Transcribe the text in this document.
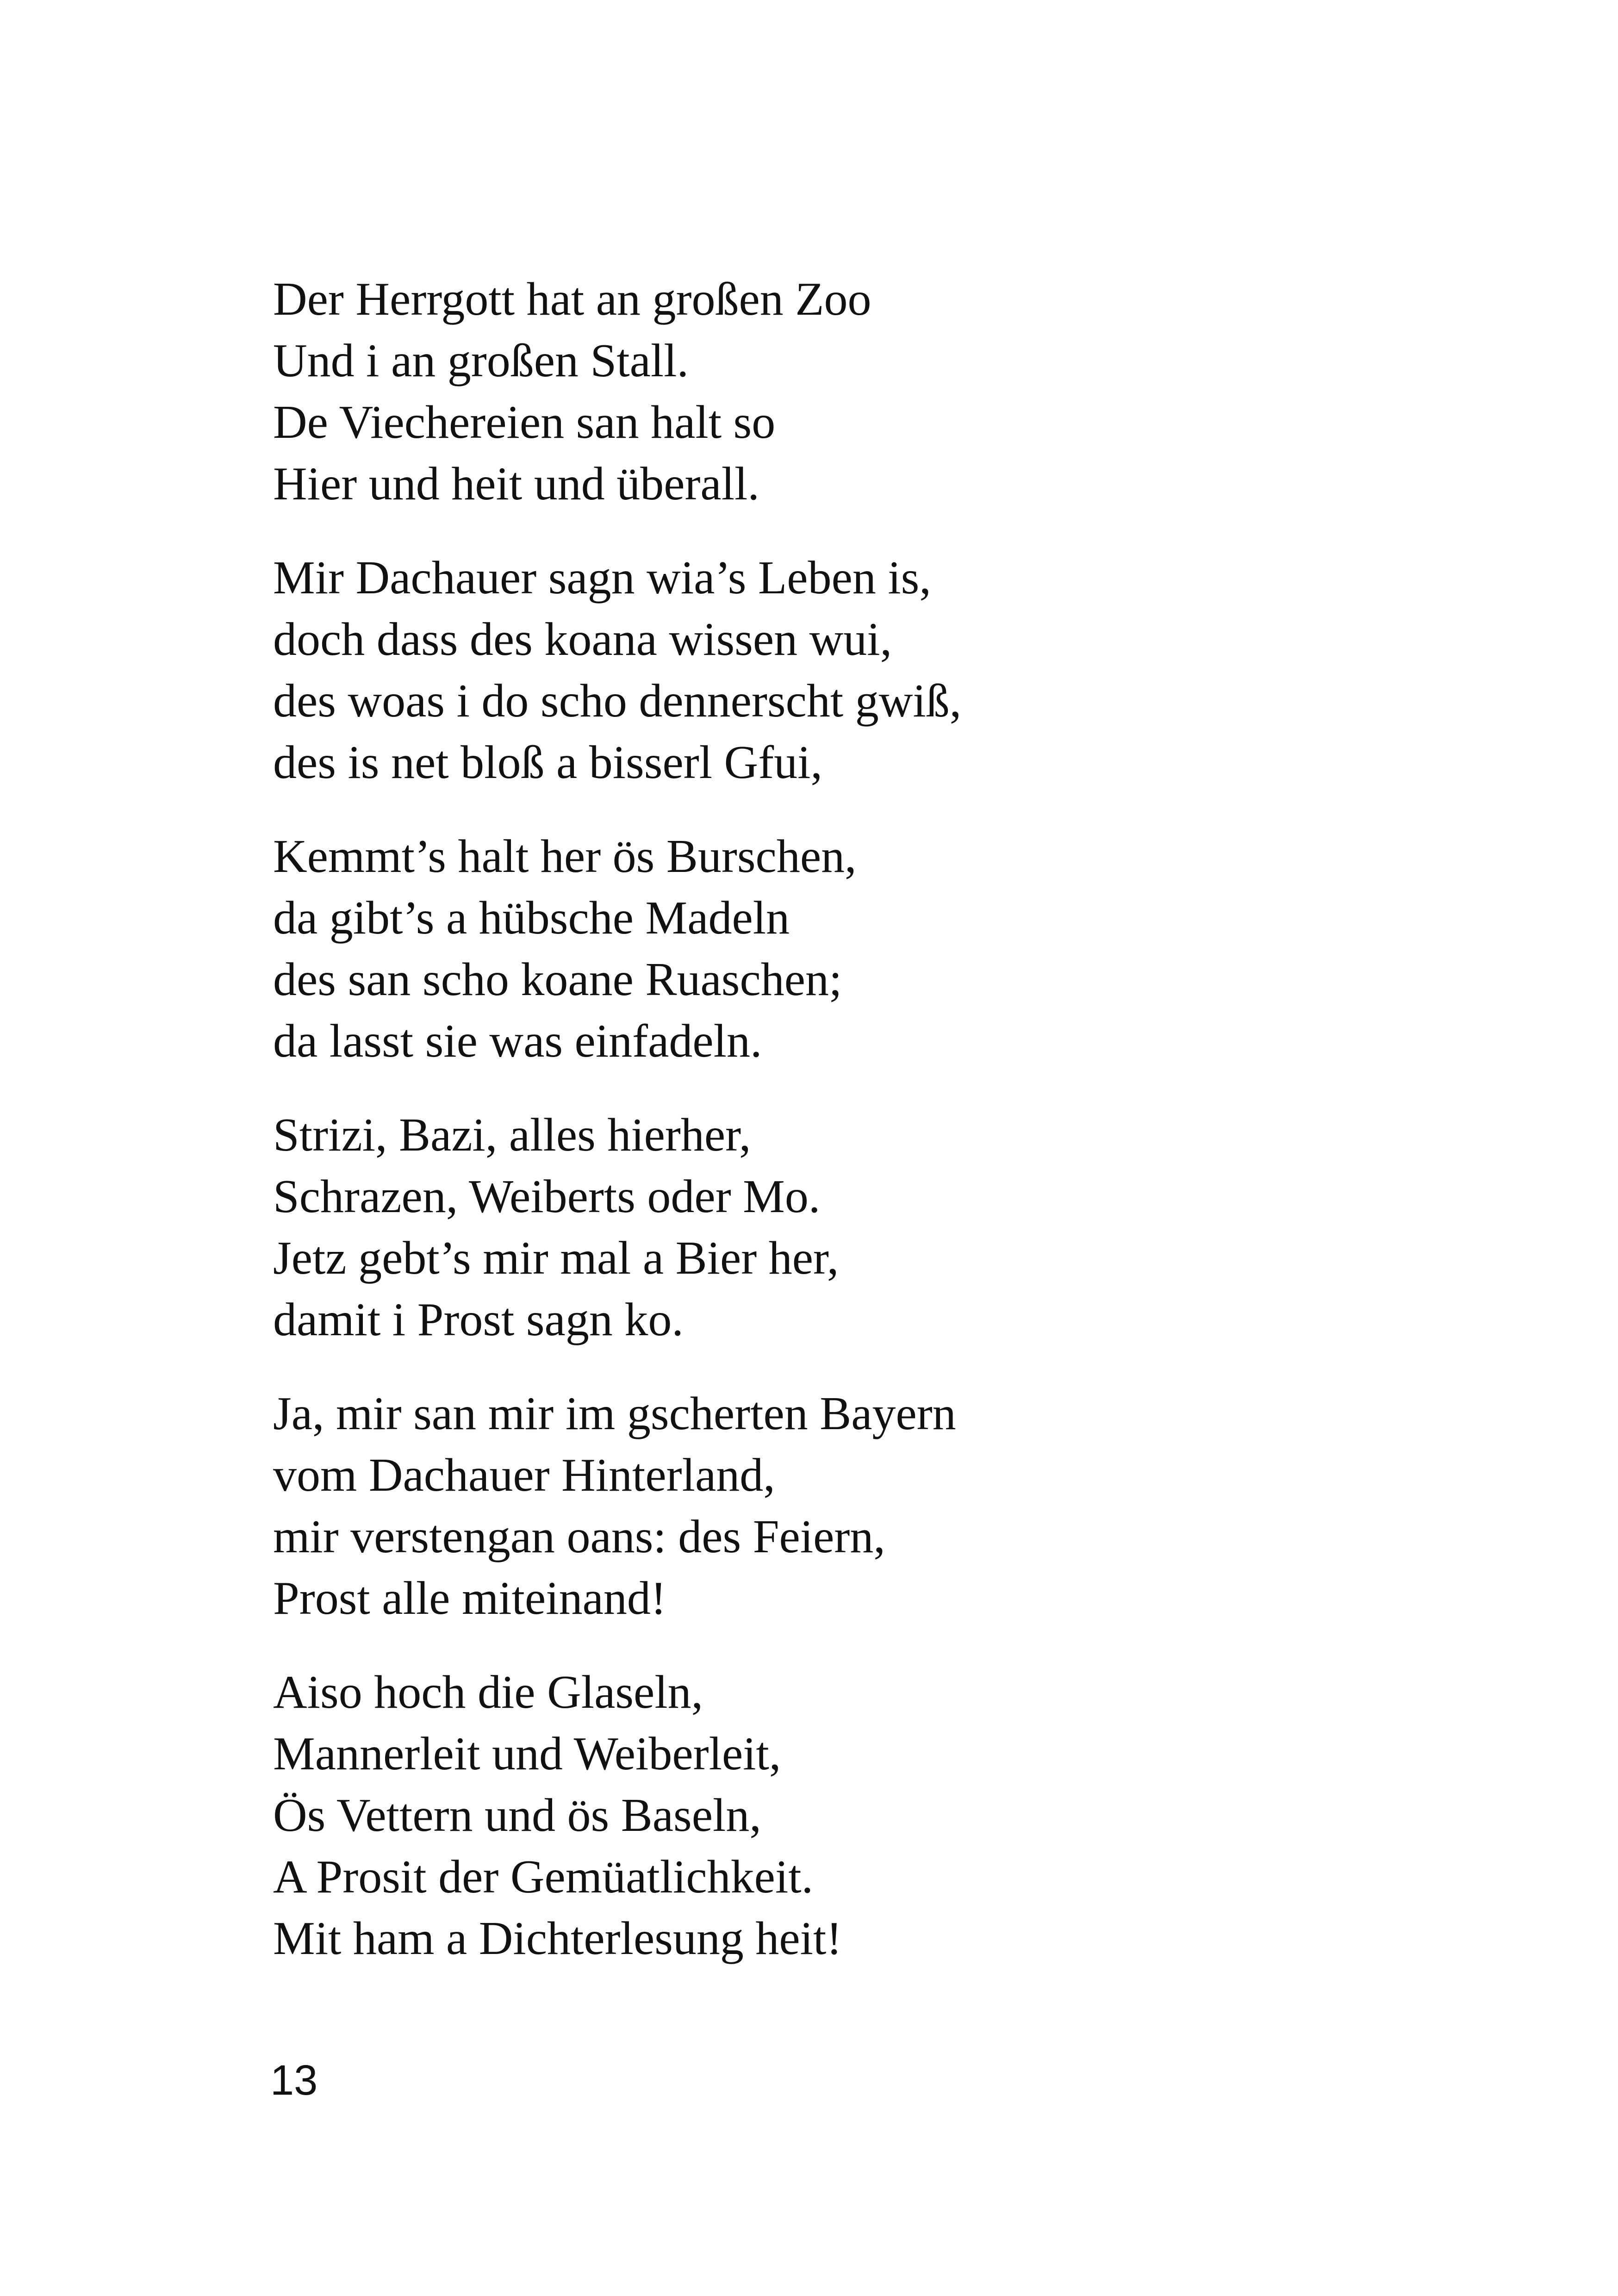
Der Herrgott hat an großen Zoo
Und i an großen Stall.
De Viechereien san halt so
Hier und heit und überall.
Mir Dachauer sagn wia’s Leben is,
doch dass des koana wissen wui,
des woas i do scho dennerscht gwiß,
des is net bloß a bisserl Gfui,
Kemmt’s halt her ös Burschen,
da gibt’s a hübsche Madeln
des san scho koane Ruaschen;
da lasst sie was einfadeln.
Strizi, Bazi, alles hierher,
Schrazen, Weiberts oder Mo.
Jetz gebt’s mir mal a Bier her,
damit i Prost sagn ko.
Ja, mir san mir im gscherten Bayern
vom Dachauer Hinterland,
mir verstengan oans: des Feiern,
Prost alle miteinand!
Aiso hoch die Glaseln,
Mannerleit und Weiberleit,
Ös Vettern und ös Baseln,
A Prosit der Gemüatlichkeit.
Mit ham a Dichterlesung heit!
13
